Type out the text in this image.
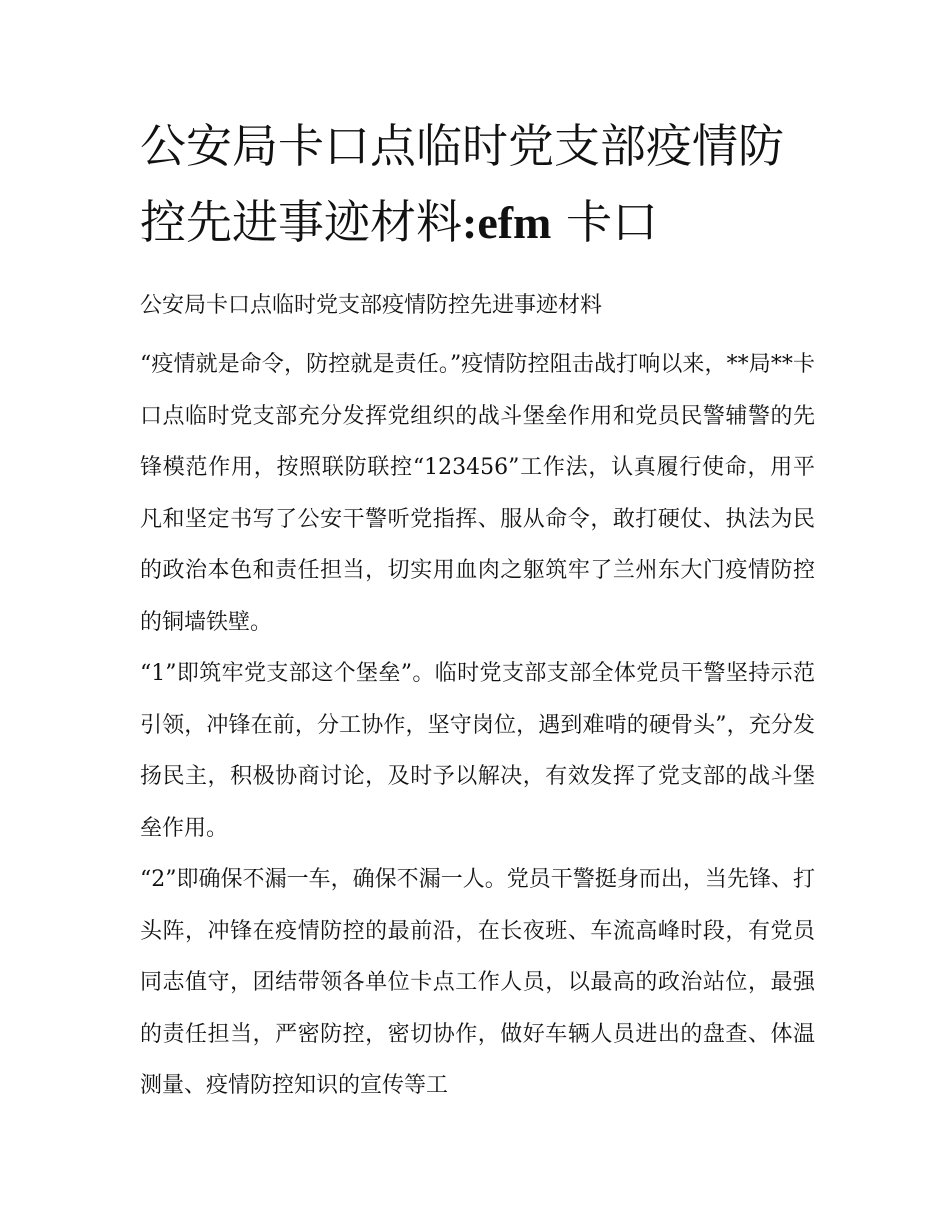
公安局卡口点临时党支部疫情防控先进事迹材料:efm 卡口

公安局卡口点临时党支部疫情防控先进事迹材料

“疫情就是命令，防控就是责任。”疫情防控阻击战打响以来，**局**卡口点临时党支部充分发挥党组织的战斗堡垒作用和党员民警辅警的先锋模范作用，按照联防联控“123456”工作法，认真履行使命，用平凡和坚定书写了公安干警听党指挥、服从命令，敢打硬仗、执法为民的政治本色和责任担当，切实用血肉之躯筑牢了兰州东大门疫情防控的铜墙铁壁。

“1”即筑牢党支部这个堡垒”。临时党支部支部全体党员干警坚持示范引领，冲锋在前，分工协作，坚守岗位，遇到难啃的硬骨头”，充分发扬民主，积极协商讨论，及时予以解决，有效发挥了党支部的战斗堡垒作用。

“2”即确保不漏一车，确保不漏一人。党员干警挺身而出，当先锋、打头阵，冲锋在疫情防控的最前沿，在长夜班、车流高峰时段，有党员同志值守，团结带领各单位卡点工作人员，以最高的政治站位，最强的责任担当，严密防控，密切协作，做好车辆人员进出的盘查、体温测量、疫情防控知识的宣传等工
